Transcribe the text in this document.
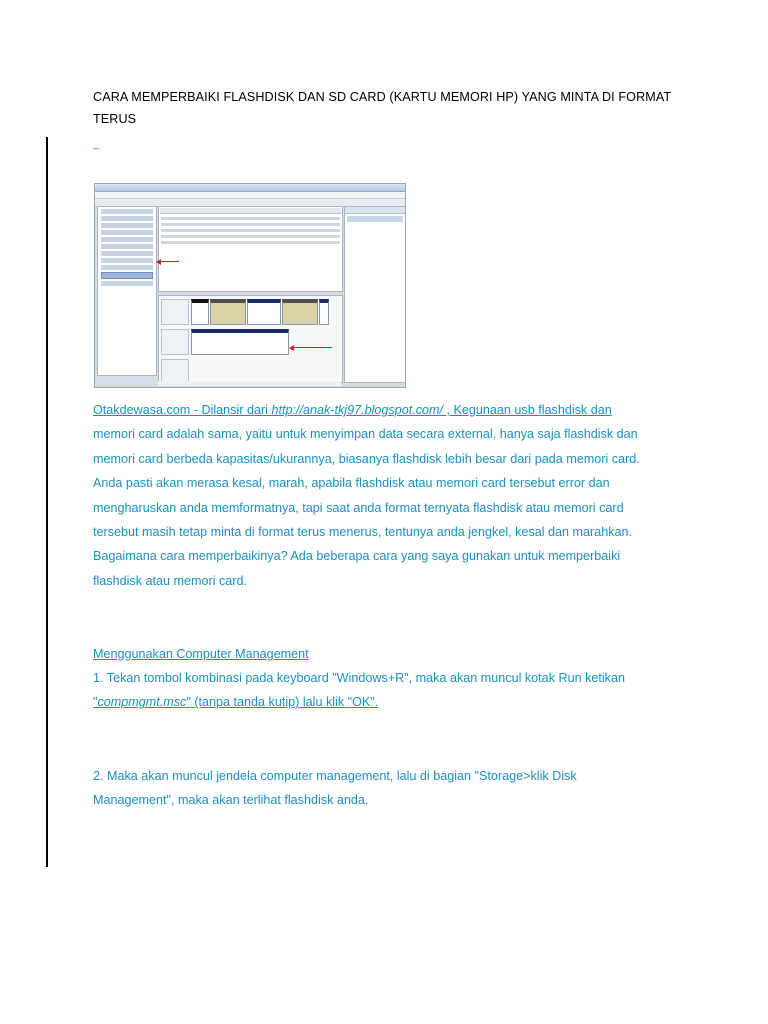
CARA MEMPERBAIKI FLASHDISK DAN SD CARD (KARTU MEMORI HP) YANG MINTA DI FORMAT TERUS
_
Otakdewasa.com - Dilansir dari http://anak-tkj97.blogspot.com/ , Kegunaan usb flashdisk dan
memori card adalah sama, yaitu untuk menyimpan data secara external, hanya saja flashdisk dan
memori card berbeda kapasitas/ukurannya, biasanya flashdisk lebih besar dari pada memori card.
Anda pasti akan merasa kesal, marah, apabila flashdisk atau memori card tersebut error dan
mengharuskan anda memformatnya, tapi saat anda format ternyata flashdisk atau memori card
tersebut masih tetap minta di format terus menerus, tentunya anda jengkel, kesal dan marahkan.
Bagaimana cara memperbaikinya? Ada beberapa cara yang saya gunakan untuk memperbaiki
flashdisk atau memori card.
Menggunakan Computer Management
1. Tekan tombol kombinasi pada keyboard "Windows+R", maka akan muncul kotak Run ketikan
"compmgmt.msc" (tanpa tanda kutip) lalu klik "OK".
2. Maka akan muncul jendela computer management, lalu di bagian "Storage>klik Disk
Management", maka akan terlihat flashdisk anda.
